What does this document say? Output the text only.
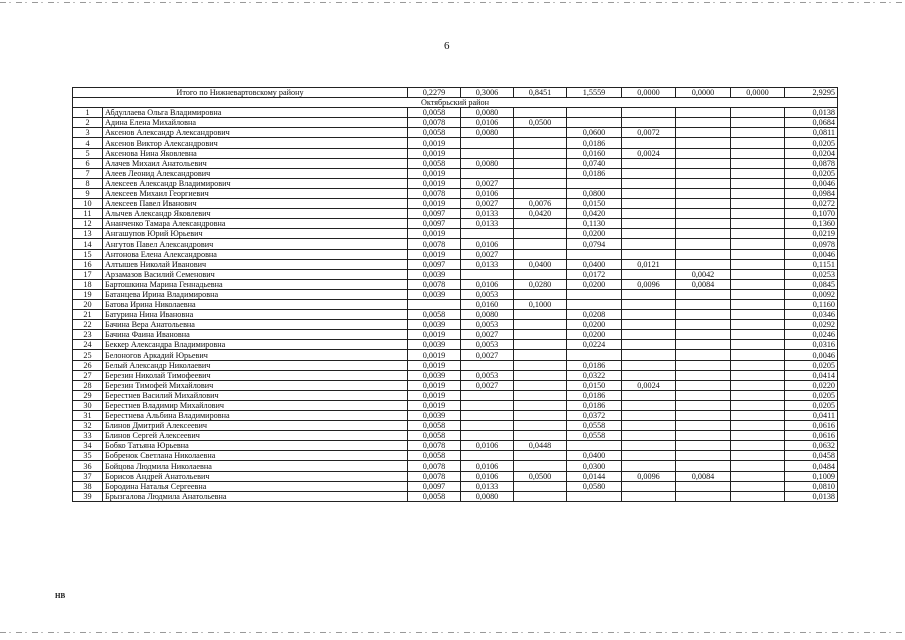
6
Итого по Нижневартовскому району		0,2279	0,3006	0,8451	1,5559	0,0000	0,0000	0,0000	2,9295
Октябрьский район									
1	Абдуллаева Ольга Владимировна	0,0058	0,0080						0,0138
2	Адина Елена Михайловна	0,0078	0,0106	0,0500					0,0684
3	Аксенов Александр Александрович	0,0058	0,0080		0,0600	0,0072			0,0811
4	Аксенов Виктор Александрович	0,0019			0,0186				0,0205
5	Аксенова Нина Яковлевна	0,0019			0,0160	0,0024			0,0204
6	Алачев Михаил Анатольевич	0,0058	0,0080		0,0740				0,0878
7	Алеев Леонид Александрович	0,0019			0,0186				0,0205
8	Алексеев Александр Владимирович	0,0019	0,0027						0,0046
9	Алексеев Михаил Георгиевич	0,0078	0,0106		0,0800				0,0984
10	Алексеев Павел Иванович	0,0019	0,0027	0,0076	0,0150				0,0272
11	Алычев Александр Яковлевич	0,0097	0,0133	0,0420	0,0420				0,1070
12	Ананченко Тамара Александровна	0,0097	0,0133		0,1130				0,1360
13	Ангашупов Юрий Юрьевич	0,0019			0,0200				0,0219
14	Ангутов Павел Александрович	0,0078	0,0106		0,0794				0,0978
15	Антонова Елена Александровна	0,0019	0,0027						0,0046
16	Алтышев Николай Иванович	0,0097	0,0133	0,0400	0,0400	0,0121			0,1151
17	Арзамазов Василий Семенович	0,0039			0,0172		0,0042		0,0253
18	Бартошкина Марина Геннадьевна	0,0078	0,0106	0,0280	0,0200	0,0096	0,0084		0,0845
19	Батанцева Ирина Владимировна	0,0039	0,0053						0,0092
20	Батова Ирина Николаевна		0,0160	0,1000					0,1160
21	Батурина Нина Ивановна	0,0058	0,0080		0,0208				0,0346
22	Бачина Вера Анатольевна	0,0039	0,0053		0,0200				0,0292
23	Бачина Фаина Ивановна	0,0019	0,0027		0,0200				0,0246
24	Беккер Александра Владимировна	0,0039	0,0053		0,0224				0,0316
25	Белоногов Аркадий Юрьевич	0,0019	0,0027						0,0046
26	Белый Александр Николаевич	0,0019			0,0186				0,0205
27	Березин Николай Тимофеевич	0,0039	0,0053		0,0322				0,0414
28	Березин Тимофей Михайлович	0,0019	0,0027		0,0150	0,0024			0,0220
29	Берестнев Василий Михайлович	0,0019			0,0186				0,0205
30	Берестнев Владимир Михайлович	0,0019			0,0186				0,0205
31	Берестнева Альбина Владимировна	0,0039			0,0372				0,0411
32	Блинов Дмитрий Алексеевич	0,0058			0,0558				0,0616
33	Блинов Сергей Алексеевич	0,0058			0,0558				0,0616
34	Бобко Татьяна Юрьевна	0,0078	0,0106	0,0448					0,0632
35	Бобренок Светлана Николаевна	0,0058			0,0400				0,0458
36	Бойцова Людмила Николаевна	0,0078	0,0106		0,0300				0,0484
37	Борисов Андрей Анатольевич	0,0078	0,0106	0,0500	0,0144	0,0096	0,0084		0,1009
38	Бородина Наталья Сергеевна	0,0097	0,0133		0,0580				0,0810
39	Брызгалова Людмила Анатольевна	0,0058	0,0080						0,0138
HB
